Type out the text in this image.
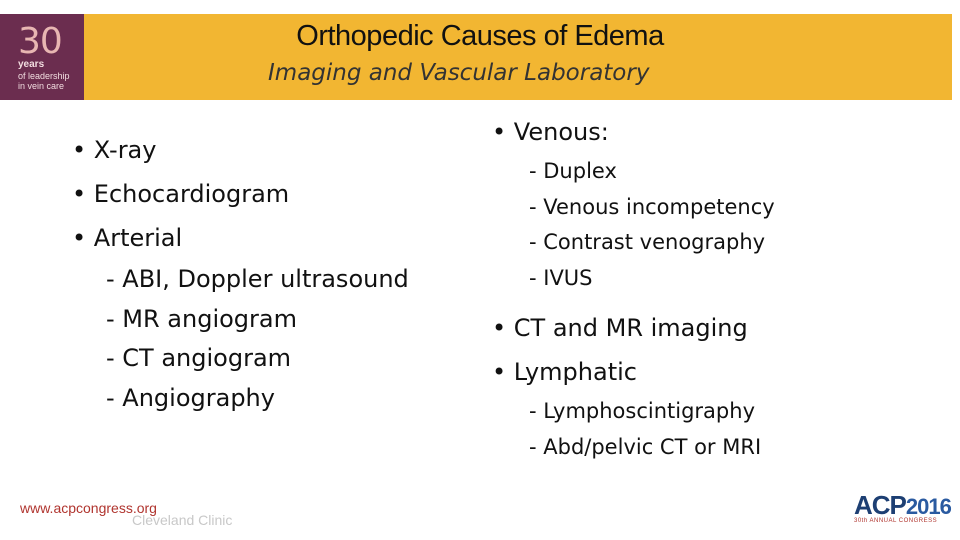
30
years
of leadership
in vein care
Orthopedic Causes of Edema
Imaging and Vascular Laboratory
• X-ray
• Echocardiogram
• Arterial
- ABI, Doppler ultrasound
- MR angiogram
- CT angiogram
- Angiography
• Venous:
- Duplex
- Venous incompetency
- Contrast venography
- IVUS
• CT and MR imaging
• Lymphatic
- Lymphoscintigraphy
- Abd/pelvic CT or MRI
www.acpcongress.org
Cleveland Clinic	ACP2016
30th ANNUAL CONGRESS
